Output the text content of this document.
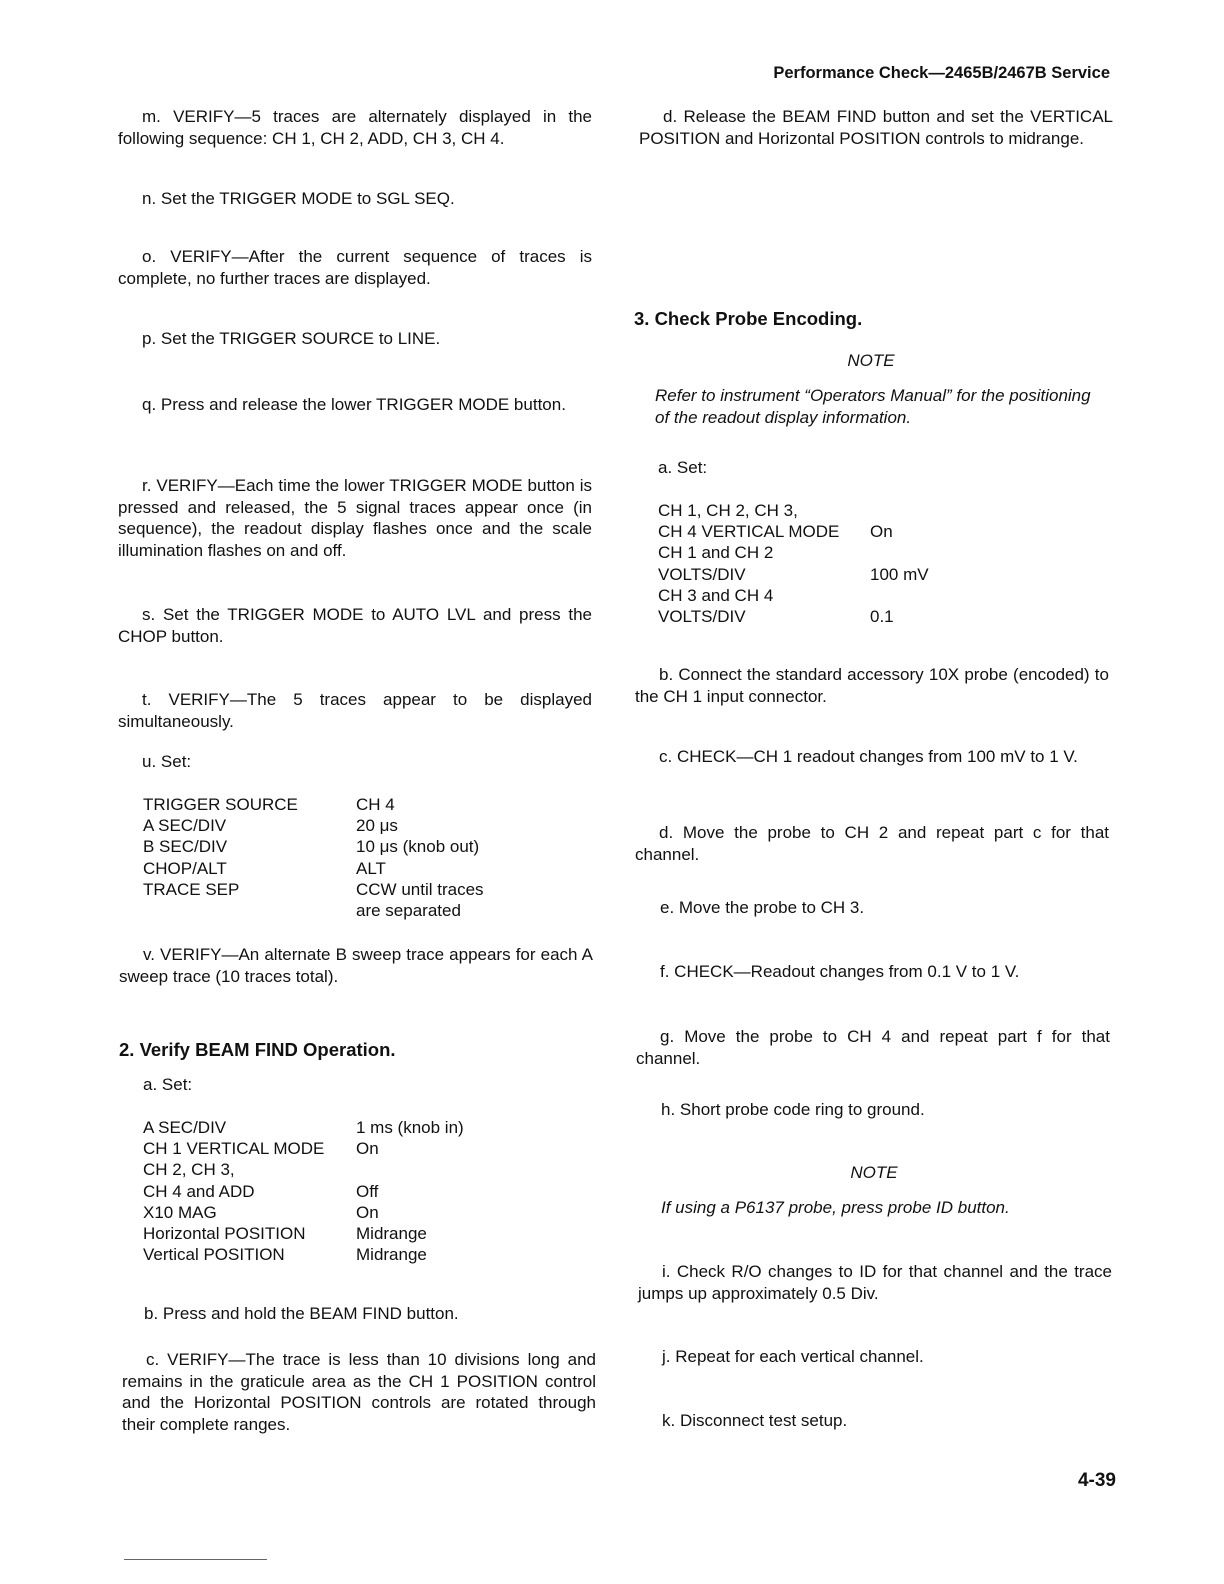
Performance Check—2465B/2467B Service
m. VERIFY—5 traces are alternately displayed in the following sequence: CH 1, CH 2, ADD, CH 3, CH 4.
n. Set the TRIGGER MODE to SGL SEQ.
o. VERIFY—After the current sequence of traces is complete, no further traces are displayed.
p. Set the TRIGGER SOURCE to LINE.
q. Press and release the lower TRIGGER MODE button.
r. VERIFY—Each time the lower TRIGGER MODE button is pressed and released, the 5 signal traces appear once (in sequence), the readout display flashes once and the scale illumination flashes on and off.
s. Set the TRIGGER MODE to AUTO LVL and press the CHOP button.
t. VERIFY—The 5 traces appear to be displayed simultaneously.
u. Set:
TRIGGER SOURCE	CH 4
A SEC/DIV	20 μs
B SEC/DIV	10 μs (knob out)
CHOP/ALT	ALT
TRACE SEP	CCW until traces
	are separated
v. VERIFY—An alternate B sweep trace appears for each A sweep trace (10 traces total).
2. Verify BEAM FIND Operation.
a. Set:
A SEC/DIV	1 ms (knob in)
CH 1 VERTICAL MODE	On
CH 2, CH 3,	
CH 4 and ADD	Off
X10 MAG	On
Horizontal POSITION	Midrange
Vertical POSITION	Midrange
b. Press and hold the BEAM FIND button.
c. VERIFY—The trace is less than 10 divisions long and remains in the graticule area as the CH 1 POSITION control and the Horizontal POSITION controls are rotated through their complete ranges.
d. Release the BEAM FIND button and set the VERTICAL POSITION and Horizontal POSITION controls to midrange.
3. Check Probe Encoding.
NOTE
Refer to instrument “Operators Manual” for the positioning of the readout display information.
a. Set:
CH 1, CH 2, CH 3,	
CH 4 VERTICAL MODE	On
CH 1 and CH 2	
VOLTS/DIV	100 mV
CH 3 and CH 4	
VOLTS/DIV	0.1
b. Connect the standard accessory 10X probe (encoded) to the CH 1 input connector.
c. CHECK—CH 1 readout changes from 100 mV to 1 V.
d. Move the probe to CH 2 and repeat part c for that channel.
e. Move the probe to CH 3.
f. CHECK—Readout changes from 0.1 V to 1 V.
g. Move the probe to CH 4 and repeat part f for that channel.
h. Short probe code ring to ground.
NOTE
If using a P6137 probe, press probe ID button.
i. Check R/O changes to ID for that channel and the trace jumps up approximately 0.5 Div.
j. Repeat for each vertical channel.
k. Disconnect test setup.
4-39
